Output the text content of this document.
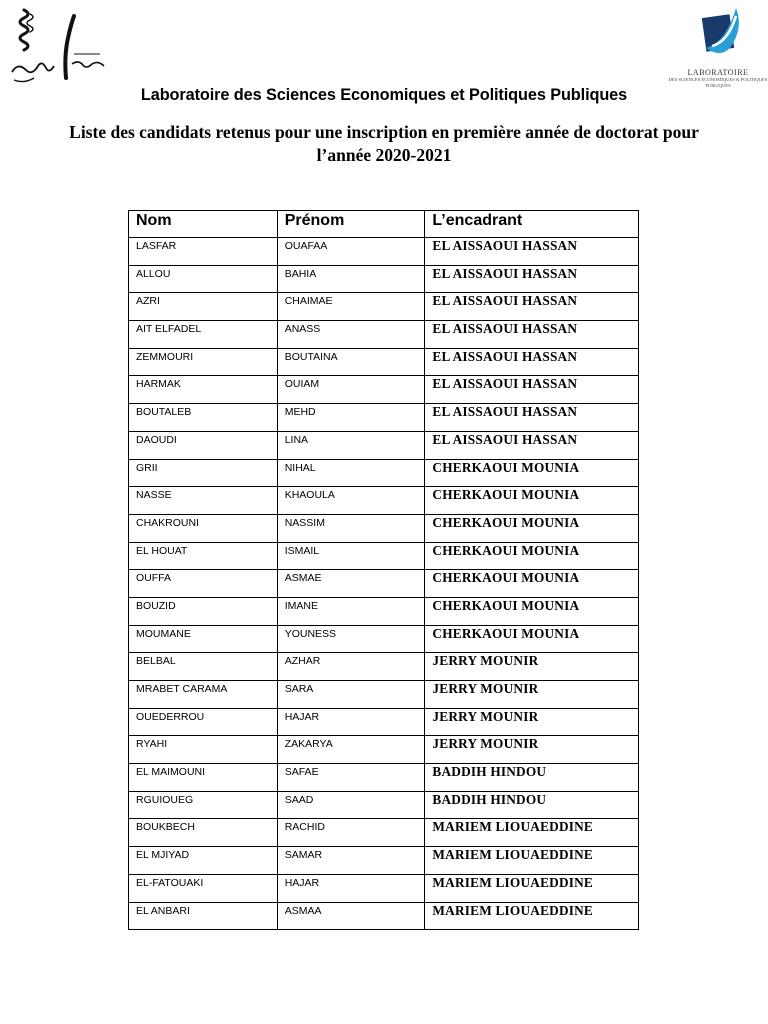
LABORATOIRE
DES SCIENCES ECONOMIQUES & POLITIQUES PUBLIQUES
Laboratoire des Sciences Economiques et Politiques Publiques
Liste des candidats retenus pour une inscription en première année de doctorat pour l’année 2020-2021
Nom	Prénom	L’encadrant
LASFAR	OUAFAA	EL AISSAOUI HASSAN
ALLOU	BAHIA	EL AISSAOUI HASSAN
AZRI	CHAIMAE	EL AISSAOUI HASSAN
AIT ELFADEL	ANASS	EL AISSAOUI HASSAN
ZEMMOURI	BOUTAINA	EL AISSAOUI HASSAN
HARMAK	OUIAM	EL AISSAOUI HASSAN
BOUTALEB	MEHD	EL AISSAOUI HASSAN
DAOUDI	LINA	EL AISSAOUI HASSAN
GRII	NIHAL	CHERKAOUI MOUNIA
NASSE	KHAOULA	CHERKAOUI MOUNIA
CHAKROUNI	NASSIM	CHERKAOUI MOUNIA
EL HOUAT	ISMAIL	CHERKAOUI MOUNIA
OUFFA	ASMAE	CHERKAOUI MOUNIA
BOUZID	IMANE	CHERKAOUI MOUNIA
MOUMANE	YOUNESS	CHERKAOUI MOUNIA
BELBAL	AZHAR	JERRY MOUNIR
MRABET CARAMA	SARA	JERRY MOUNIR
OUEDERROU	HAJAR	JERRY MOUNIR
RYAHI	ZAKARYA	JERRY MOUNIR
EL MAIMOUNI	SAFAE	BADDIH HINDOU
RGUIOUEG	SAAD	BADDIH HINDOU
BOUKBECH	RACHID	MARIEM LIOUAEDDINE
EL MJIYAD	SAMAR	MARIEM LIOUAEDDINE
EL-FATOUAKI	HAJAR	MARIEM LIOUAEDDINE
EL ANBARI	ASMAA	MARIEM LIOUAEDDINE
